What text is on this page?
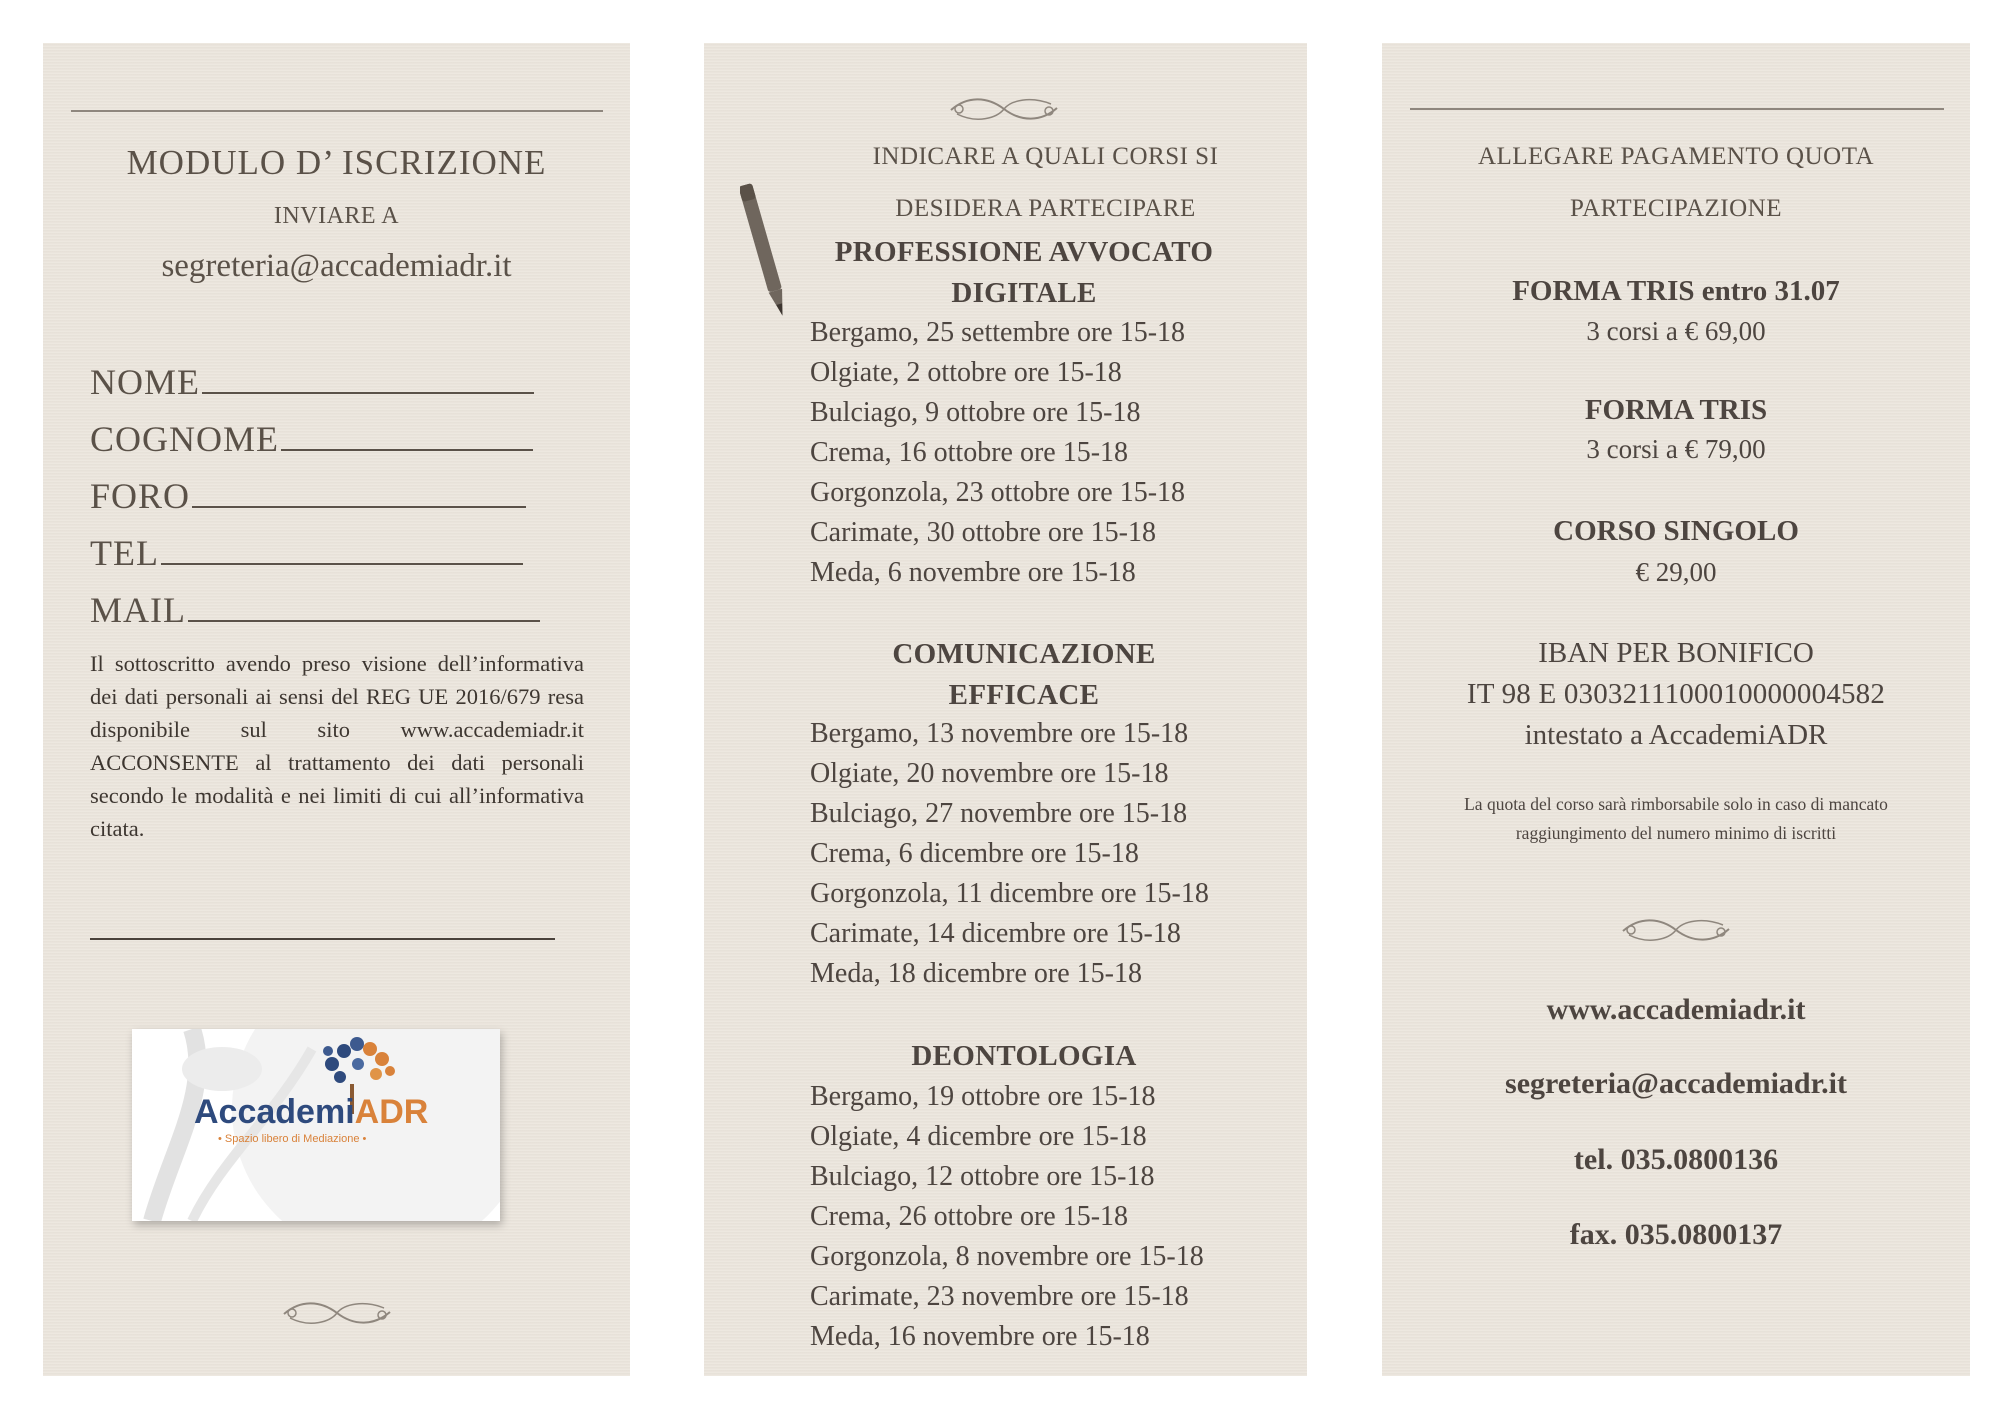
MODULO D’ ISCRIZIONE
INVIARE A
segreteria@accademiadr.it
NOME
COGNOME
FORO
TEL
MAIL
Il sottoscritto avendo preso visione dell’informativa dei dati personali ai sensi del REG UE 2016/679 resa disponibile sul sito www.accademiadr.it ACCONSENTE al trattamento dei dati personali secondo le modalità e nei limiti di cui all’informativa citata.
AccademiADR
• Spazio libero di Mediazione •
INDICARE A QUALI CORSI SI
DESIDERA PARTECIPARE
PROFESSIONE AVVOCATO
DIGITALE
Bergamo, 25 settembre ore 15-18
Olgiate, 2 ottobre ore 15-18
Bulciago, 9 ottobre ore 15-18
Crema, 16 ottobre ore 15-18
Gorgonzola, 23 ottobre ore 15-18
Carimate, 30 ottobre ore 15-18
Meda, 6 novembre ore 15-18
COMUNICAZIONE
EFFICACE
Bergamo, 13 novembre ore 15-18
Olgiate, 20 novembre ore 15-18
Bulciago, 27 novembre ore 15-18
Crema, 6 dicembre ore 15-18
Gorgonzola, 11 dicembre ore 15-18
Carimate, 14 dicembre ore 15-18
Meda, 18 dicembre ore 15-18
DEONTOLOGIA
Bergamo, 19 ottobre ore 15-18
Olgiate, 4 dicembre ore 15-18
Bulciago, 12 ottobre ore 15-18
Crema, 26 ottobre ore 15-18
Gorgonzola, 8 novembre ore 15-18
Carimate, 23 novembre ore 15-18
Meda, 16 novembre ore 15-18
ALLEGARE PAGAMENTO QUOTA
PARTECIPAZIONE
FORMA TRIS entro 31.07
3 corsi a € 69,00
FORMA TRIS
3 corsi a € 79,00
CORSO SINGOLO
€ 29,00
IBAN PER BONIFICO
IT 98 E 0303211100010000004582
intestato a AccademiADR
La quota del corso sarà rimborsabile solo in caso di mancato raggiungimento del numero minimo di iscritti
www.accademiadr.it
segreteria@accademiadr.it
tel. 035.0800136
fax. 035.0800137
